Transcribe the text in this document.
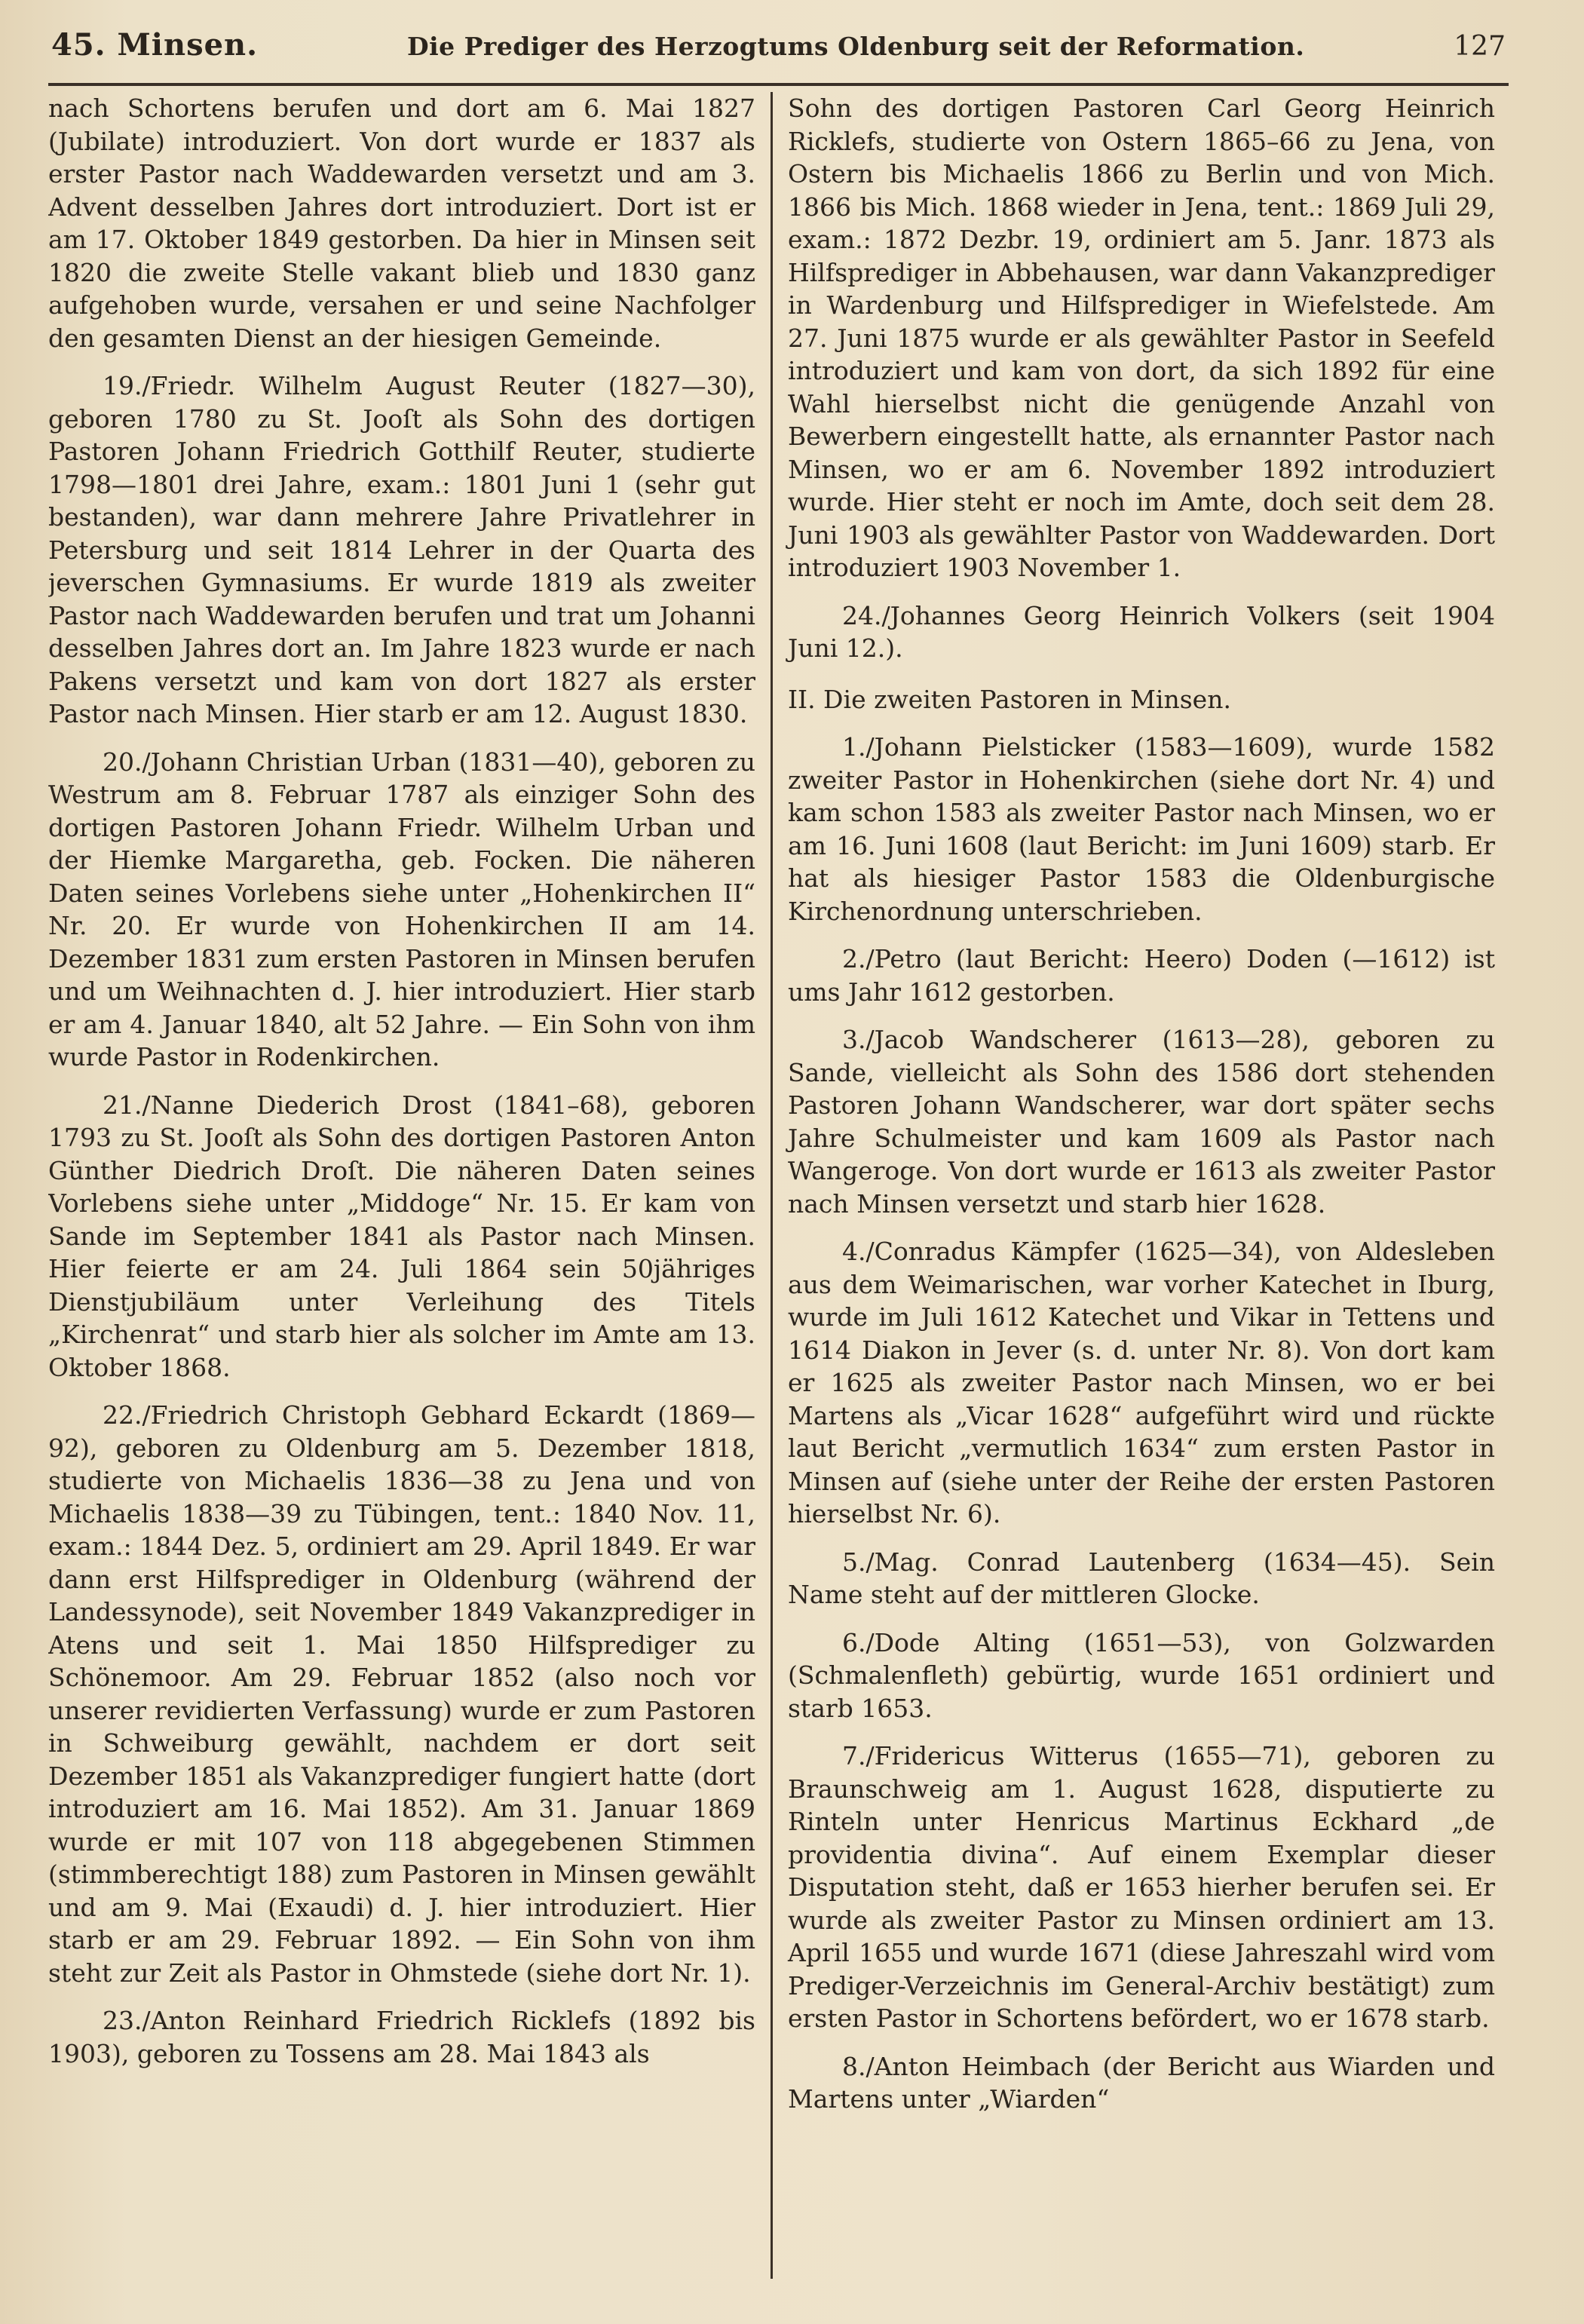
45. Minsen.	Die Prediger des Herzogtums Oldenburg seit der Reformation.	127

nach Schortens berufen und dort am 6. Mai 1827 (Jubilate) introduziert. Von dort wurde er 1837 als erster Pastor nach Waddewarden versetzt und am 3. Advent desselben Jahres dort introduziert. Dort ist er am 17. Oktober 1849 gestorben. Da hier in Minsen seit 1820 die zweite Stelle vakant blieb und 1830 ganz aufgehoben wurde, versahen er und seine Nachfolger den gesamten Dienst an der hiesigen Gemeinde.

19./Friedr. Wilhelm August Reuter (1827—30), geboren 1780 zu St. Jooſt als Sohn des dortigen Pastoren Johann Friedrich Gotthilf Reuter, studierte 1798—1801 drei Jahre, exam.: 1801 Juni 1 (sehr gut bestanden), war dann mehrere Jahre Privatlehrer in Petersburg und seit 1814 Lehrer in der Quarta des jeverschen Gymnasiums. Er wurde 1819 als zweiter Pastor nach Waddewarden berufen und trat um Johanni desselben Jahres dort an. Im Jahre 1823 wurde er nach Pakens versetzt und kam von dort 1827 als erster Pastor nach Minsen. Hier starb er am 12. August 1830.

20./Johann Christian Urban (1831—40), geboren zu Westrum am 8. Februar 1787 als einziger Sohn des dortigen Pastoren Johann Friedr. Wilhelm Urban und der Hiemke Margaretha, geb. Focken. Die näheren Daten seines Vorlebens siehe unter „Hohenkirchen II“ Nr. 20. Er wurde von Hohenkirchen II am 14. Dezember 1831 zum ersten Pastoren in Minsen berufen und um Weihnachten d. J. hier introduziert. Hier starb er am 4. Januar 1840, alt 52 Jahre. — Ein Sohn von ihm wurde Pastor in Rodenkirchen.

21./Nanne Diederich Drost (1841–68), geboren 1793 zu St. Jooſt als Sohn des dortigen Pastoren Anton Günther Diedrich Droſt. Die näheren Daten seines Vorlebens siehe unter „Middoge“ Nr. 15. Er kam von Sande im September 1841 als Pastor nach Minsen. Hier feierte er am 24. Juli 1864 sein 50jähriges Dienstjubiläum unter Verleihung des Titels „Kirchenrat“ und starb hier als solcher im Amte am 13. Oktober 1868.

22./Friedrich Christoph Gebhard Eckardt (1869—92), geboren zu Oldenburg am 5. Dezember 1818, studierte von Michaelis 1836—38 zu Jena und von Michaelis 1838—39 zu Tübingen, tent.: 1840 Nov. 11, exam.: 1844 Dez. 5, ordiniert am 29. April 1849. Er war dann erst Hilfsprediger in Oldenburg (während der Landessynode), seit November 1849 Vakanzprediger in Atens und seit 1. Mai 1850 Hilfsprediger zu Schönemoor. Am 29. Februar 1852 (also noch vor unserer revidierten Verfassung) wurde er zum Pastoren in Schweiburg gewählt, nachdem er dort seit Dezember 1851 als Vakanzprediger fungiert hatte (dort introduziert am 16. Mai 1852). Am 31. Januar 1869 wurde er mit 107 von 118 abgegebenen Stimmen (stimmberechtigt 188) zum Pastoren in Minsen gewählt und am 9. Mai (Exaudi) d. J. hier introduziert. Hier starb er am 29. Februar 1892. — Ein Sohn von ihm steht zur Zeit als Pastor in Ohmstede (siehe dort Nr. 1).

23./Anton Reinhard Friedrich Ricklefs (1892 bis 1903), geboren zu Tossens am 28. Mai 1843 als

Sohn des dortigen Pastoren Carl Georg Heinrich Ricklefs, studierte von Ostern 1865–66 zu Jena, von Ostern bis Michaelis 1866 zu Berlin und von Mich. 1866 bis Mich. 1868 wieder in Jena, tent.: 1869 Juli 29, exam.: 1872 Dezbr. 19, ordiniert am 5. Janr. 1873 als Hilfsprediger in Abbehausen, war dann Vakanzprediger in Wardenburg und Hilfsprediger in Wiefelstede. Am 27. Juni 1875 wurde er als gewählter Pastor in Seefeld introduziert und kam von dort, da sich 1892 für eine Wahl hierselbst nicht die genügende Anzahl von Bewerbern eingestellt hatte, als ernannter Pastor nach Minsen, wo er am 6. November 1892 introduziert wurde. Hier steht er noch im Amte, doch seit dem 28. Juni 1903 als gewählter Pastor von Waddewarden. Dort introduziert 1903 November 1.

24./Johannes Georg Heinrich Volkers (seit 1904 Juni 12.).

II. Die zweiten Pastoren in Minsen.

1./Johann Pielsticker (1583—1609), wurde 1582 zweiter Pastor in Hohenkirchen (siehe dort Nr. 4) und kam schon 1583 als zweiter Pastor nach Minsen, wo er am 16. Juni 1608 (laut Bericht: im Juni 1609) starb. Er hat als hiesiger Pastor 1583 die Oldenburgische Kirchenordnung unterschrieben.

2./Petro (laut Bericht: Heero) Doden (—1612) ist ums Jahr 1612 gestorben.

3./Jacob Wandscherer (1613—28), geboren zu Sande, vielleicht als Sohn des 1586 dort stehenden Pastoren Johann Wandscherer, war dort später sechs Jahre Schulmeister und kam 1609 als Pastor nach Wangeroge. Von dort wurde er 1613 als zweiter Pastor nach Minsen versetzt und starb hier 1628.

4./Conradus Kämpfer (1625—34), von Aldesleben aus dem Weimarischen, war vorher Katechet in Iburg, wurde im Juli 1612 Katechet und Vikar in Tettens und 1614 Diakon in Jever (s. d. unter Nr. 8). Von dort kam er 1625 als zweiter Pastor nach Minsen, wo er bei Martens als „Vicar 1628“ aufgeführt wird und rückte laut Bericht „vermutlich 1634“ zum ersten Pastor in Minsen auf (siehe unter der Reihe der ersten Pastoren hierselbst Nr. 6).

5./Mag. Conrad Lautenberg (1634—45). Sein Name steht auf der mittleren Glocke.

6./Dode Alting (1651—53), von Golzwarden (Schmalenfleth) gebürtig, wurde 1651 ordiniert und starb 1653.

7./Fridericus Witterus (1655—71), geboren zu Braunschweig am 1. August 1628, disputierte zu Rinteln unter Henricus Martinus Eckhard „de providentia divina“. Auf einem Exemplar dieser Disputation steht, daß er 1653 hierher berufen sei. Er wurde als zweiter Pastor zu Minsen ordiniert am 13. April 1655 und wurde 1671 (diese Jahreszahl wird vom Prediger-Verzeichnis im General-Archiv bestätigt) zum ersten Pastor in Schortens befördert, wo er 1678 starb.

8./Anton Heimbach (der Bericht aus Wiarden und Martens unter „Wiarden“
